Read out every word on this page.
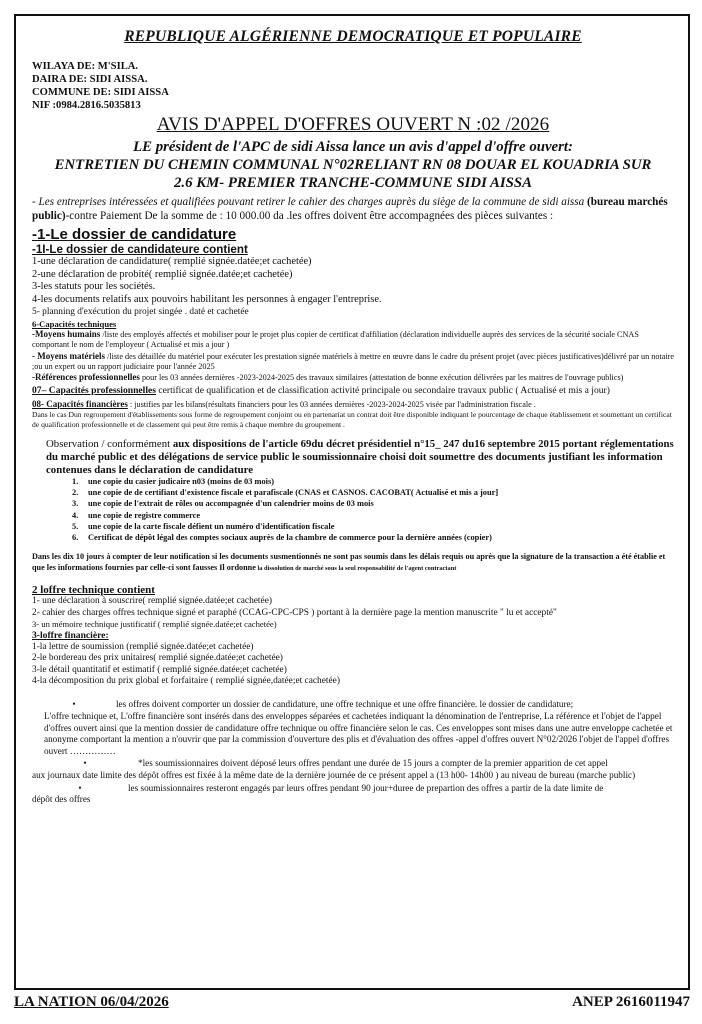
REPUBLIQUE ALGÉRIENNE DEMOCRATIQUE ET POPULAIRE
WILAYA DE: M'SILA.
DAIRA DE: SIDI AISSA.
COMMUNE DE: SIDI AISSA
NIF :0984.2816.5035813
AVIS D'APPEL D'OFFRES OUVERT N :02 /2026
LE président de l'APC de sidi Aissa lance un avis d'appel d'offre ouvert:
ENTRETIEN DU CHEMIN COMMUNAL N°02RELIANT RN 08 DOUAR EL KOUADRIA SUR
2.6 KM- PREMIER TRANCHE-COMMUNE SIDI AISSA
- Les entreprises intéressées et qualifiées pouvant retirer le cahier des charges auprès du siège de la commune de sidi aissa (bureau marchés public)-contre Paiement De la somme de : 10 000.00 da .les offres doivent être accompagnées des pièces suivantes :
-1-Le dossier de candidature
-1I-Le dossier de candidateure contient
1-une déclaration de candidature( remplié signée.datée;et cachetée)
2-une déclaration de probité( remplié signée.datée;et cachetée)
3-les statuts pour les sociétés.
4-les documents relatifs aux pouvoirs habilitant les personnes à engager l'entreprise.
5- planning d'exécution du projet singée . daté et cachetée
6-Capacités techniques
-Moyens humains /liste des employés affectés et mobiliser pour le projet plus copier de certificat d'affiliation (déclaration individuelle auprès des services de la sécurité sociale CNAS comportant le nom de l'employeur ( Actualisé et mis a jour )
- Moyens matériels /liste des détaillée du matériel pour exécuter les prestation signée matériels à mettre en œuvre dans le cadre du présent projet (avec pièces justificatives)délivré par un notaire ;ou un expert ou un rapport judiciaire pour l'année 2025
-Références professionnelles pour les 03 années dernières -2023-2024-2025 des travaux similaires (attestation de bonne exécution délivrées par les maitres de l'ouvrage publics)
07– Capacités professionnelles certificat de qualification et de classification activité principale ou secondaire travaux public ( Actualisé et mis a jour)
08- Capacités financières : justifies par les bilans(résultats financiers pour les 03 années dernières -2023-2024-2025 visée par l'administration fiscale .
Dans le cas Dun regroupement d'établissements sous forme de regroupement conjoint ou en partenariat un contrat doit être disponible indiquant le pourcentage de chaque établissement et soumettant un certificat de qualification professionnelle et de classement qui peut être remis à chaque membre du groupement .
Observation / conformément aux dispositions de l'article 69du décret présidentiel n°15_ 247 du16 septembre 2015 portant réglementations du marché public et des délégations de service public le soumissionnaire choisi doit soumettre des documents justifiant les information contenues dans le déclaration de candidature
1. une copie du casier judicaire n03 (moins de 03 mois)
2. une copie de de certifiant d'existence fiscale et parafiscale (CNAS et CASNOS. CACOBAT( Actualisé et mis a jour]
3. une copie de l'extrait de rôles ou accompagnée d'un calendrier moins de 03 mois
4. une copie de registre commerce
5. une copie de la carte fiscale défient un numéro d'identification fiscale
6. Certificat de dépôt légal des comptes sociaux auprès de la chambre de commerce pour la dernière années (copier)
Dans les dix 10 jours à compter de leur notification si les documents susmentionnés ne sont pas soumis dans les délais requis ou après que la signature de la transaction a été établie et que les informations fournies par celle-ci sont fausses Il ordonne la dissolution de marché sous la seul responsabilité de l'agent contractant
2 loffre technique contient
1- une déclaration à souscrire( remplié signée.datée;et cachetée)
2- cahier des charges offres technique signé et paraphé (CCAG-CPC-CPS ) portant à la dernière page la mention manuscrite " lu et accepté"
3- un mémoire technique justificatif ( remplié signée.datée;et cachetée)
3-loffre financière:
1-la lettre de soumission (remplié signée.datée;et cachetée)
2-le bordereau des prix unitaires( remplié signée.datée;et cachetée)
3-le détail quantitatif et estimatif ( remplié signée.datée;et cachetée)
4-la décomposition du prix global et forfaitaire ( remplié signée,datée;et cachetée)
•	les offres doivent comporter un dossier de candidature, une offre technique et une offre financière. le dossier de candidature;
L'offre technique et, L'offre financière sont insérés dans des enveloppes séparées et cachetées indiquant la dénomination de l'entreprise, La référence et l'objet de l'appel d'offres ouvert ainsi que la mention dossier de candidature offre technique ou offre financière selon le cas. Ces enveloppes sont mises dans une autre enveloppe cachetée et anonyme comportant la mention a n'ouvrir que par la commission d'ouverture des plis et d'évaluation des offres -appel d'offres ouvert N°02/2026 l'objet de l'appel d'offres ouvert ……………
•	*les soumissionnaires doivent déposé leurs offres pendant une durée de 15 jours a compter de la premier apparition de cet appel
aux journaux date limite des dépôt offres est fixée à la même date de la dernière journée de ce présent appel a (13 h00- 14h00 ) au niveau de bureau (marche public)
•	les soumissionnaires resteront engagés par leurs offres pendant 90 jour+duree de prepartion des offres a partir de la date limite de
dépôt des offres
LA NATION 06/04/2026	ANEP 2616011947
